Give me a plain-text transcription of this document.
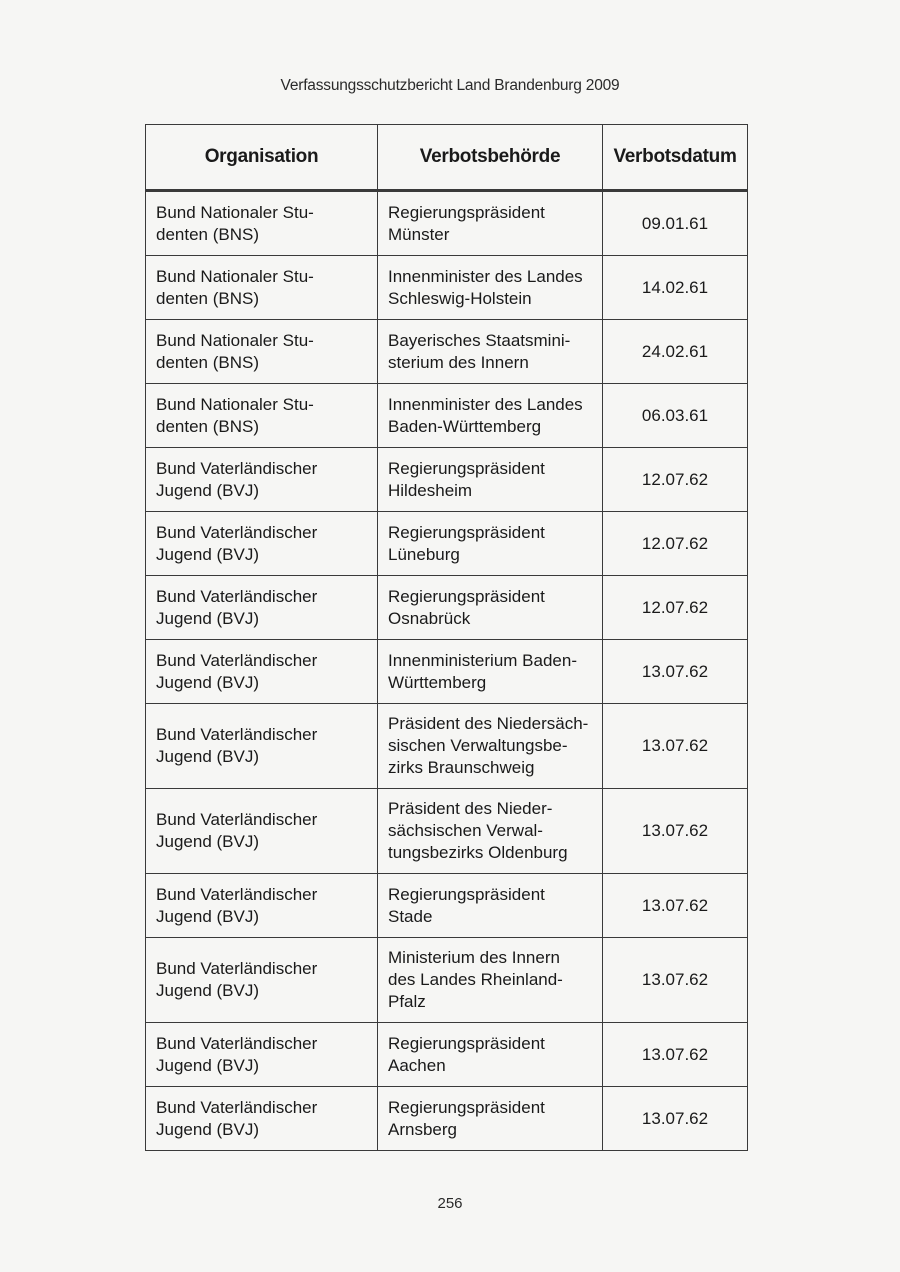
Verfassungsschutzbericht Land Brandenburg 2009
Organisation	Verbotsbehörde	Verbotsdatum

Bund Nationaler Stu-
denten (BNS)	Regierungspräsident
Münster	09.01.61

Bund Nationaler Stu-
denten (BNS)	Innenminister des Landes
Schleswig-Holstein	14.02.61

Bund Nationaler Stu-
denten (BNS)	Bayerisches Staatsmini-
sterium des Innern	24.02.61

Bund Nationaler Stu-
denten (BNS)	Innenminister des Landes
Baden-Württemberg	06.03.61

Bund Vaterländischer
Jugend (BVJ)	Regierungspräsident
Hildesheim	12.07.62

Bund Vaterländischer
Jugend (BVJ)	Regierungspräsident
Lüneburg	12.07.62

Bund Vaterländischer
Jugend (BVJ)	Regierungspräsident
Osnabrück	12.07.62

Bund Vaterländischer
Jugend (BVJ)	Innenministerium Baden-
Württemberg	13.07.62

Bund Vaterländischer
Jugend (BVJ)	Präsident des Niedersäch-
sischen Verwaltungsbe-
zirks Braunschweig	13.07.62

Bund Vaterländischer
Jugend (BVJ)	Präsident des Nieder-
sächsischen Verwal-
tungsbezirks Oldenburg	13.07.62

Bund Vaterländischer
Jugend (BVJ)	Regierungspräsident
Stade	13.07.62

Bund Vaterländischer
Jugend (BVJ)	Ministerium des Innern
des Landes Rheinland-
Pfalz	13.07.62

Bund Vaterländischer
Jugend (BVJ)	Regierungspräsident
Aachen	13.07.62

Bund Vaterländischer
Jugend (BVJ)	Regierungspräsident
Arnsberg	13.07.62
256
